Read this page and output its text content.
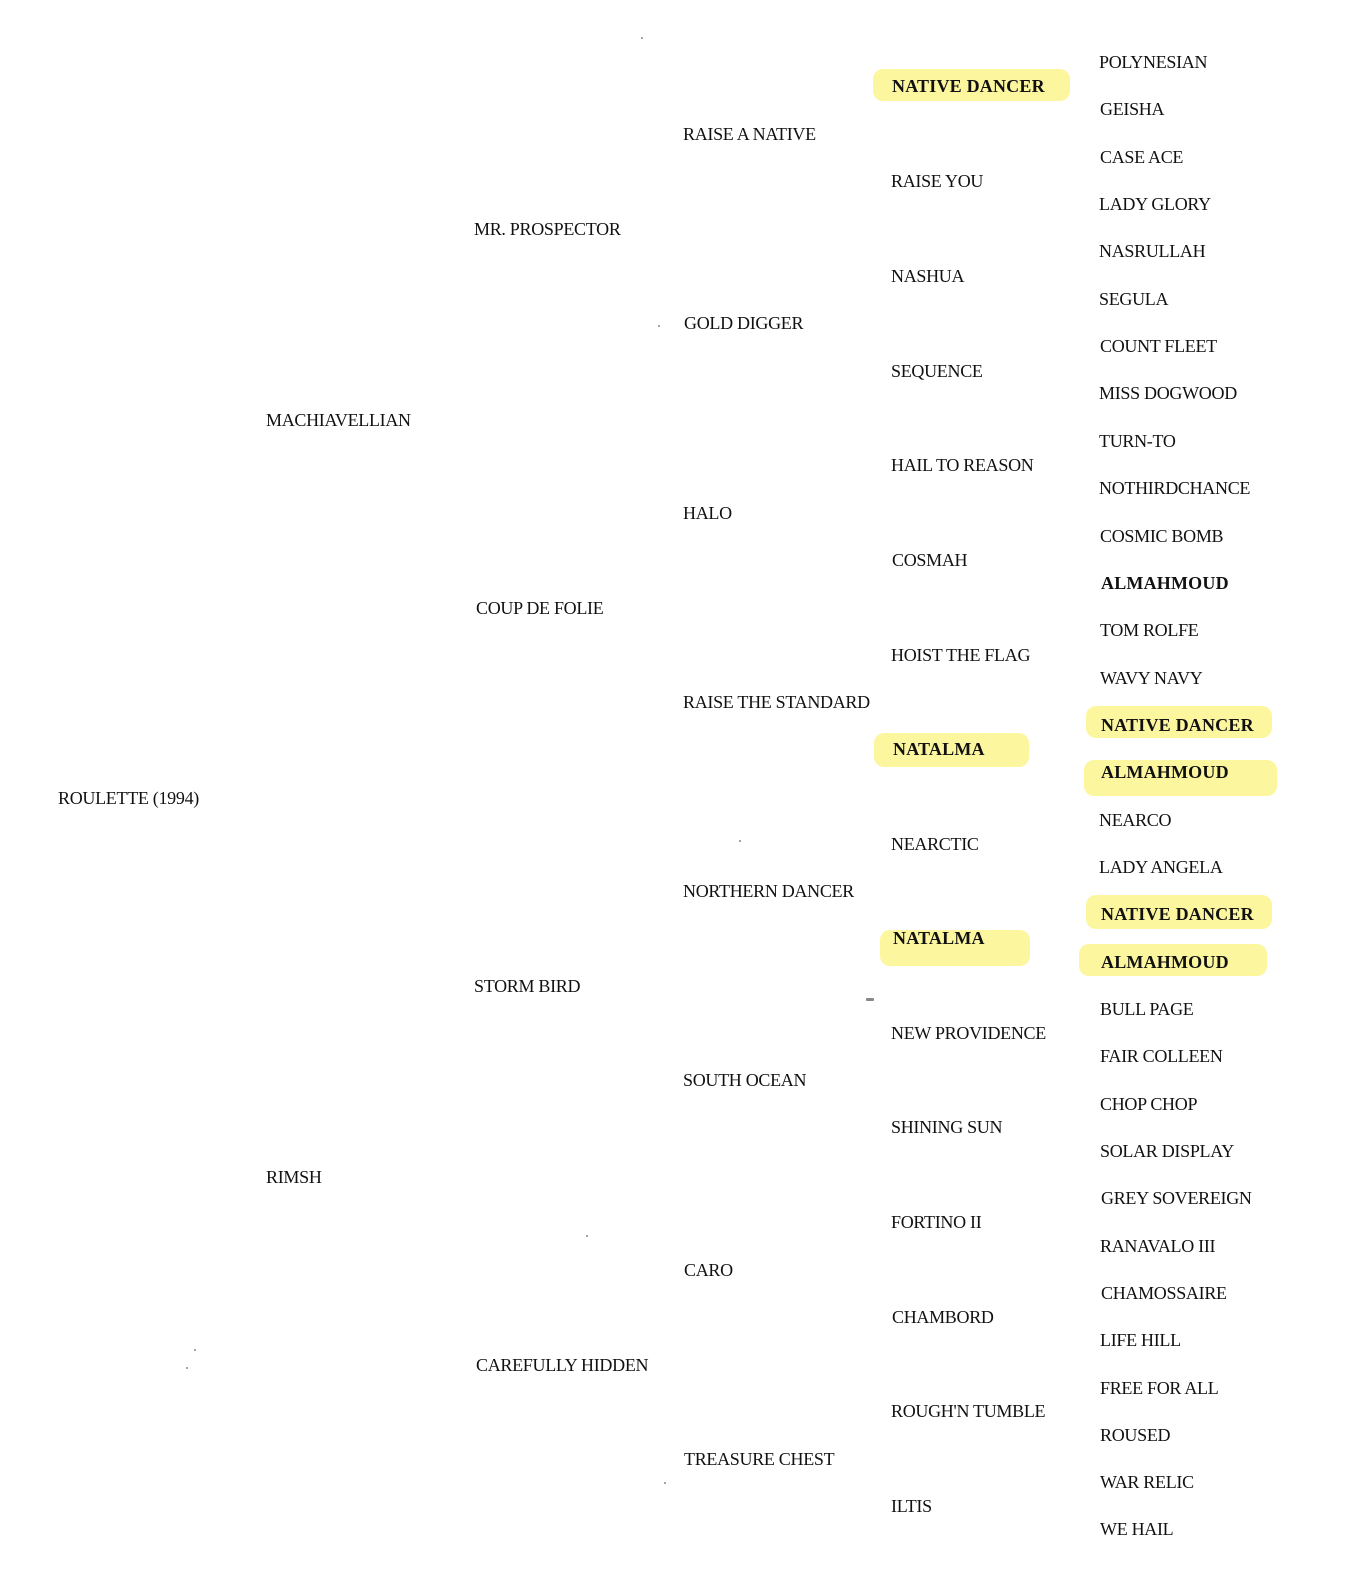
ROULETTE (1994)
MACHIAVELLIAN
RIMSH
MR. PROSPECTOR
COUP DE FOLIE
STORM BIRD
CAREFULLY HIDDEN
RAISE A NATIVE
GOLD DIGGER
HALO
RAISE THE STANDARD
NORTHERN DANCER
SOUTH OCEAN
CARO
TREASURE CHEST
NATIVE DANCER
RAISE YOU
NASHUA
SEQUENCE
HAIL TO REASON
COSMAH
HOIST THE FLAG
NATALMA
NEARCTIC
NATALMA
NEW PROVIDENCE
SHINING SUN
FORTINO II
CHAMBORD
ROUGH'N TUMBLE
ILTIS
POLYNESIAN
GEISHA
CASE ACE
LADY GLORY
NASRULLAH
SEGULA
COUNT FLEET
MISS DOGWOOD
TURN-TO
NOTHIRDCHANCE
COSMIC BOMB
ALMAHMOUD
TOM ROLFE
WAVY NAVY
NATIVE DANCER
ALMAHMOUD
NEARCO
LADY ANGELA
NATIVE DANCER
ALMAHMOUD
BULL PAGE
FAIR COLLEEN
CHOP CHOP
SOLAR DISPLAY
GREY SOVEREIGN
RANAVALO III
CHAMOSSAIRE
LIFE HILL
FREE FOR ALL
ROUSED
WAR RELIC
WE HAIL
